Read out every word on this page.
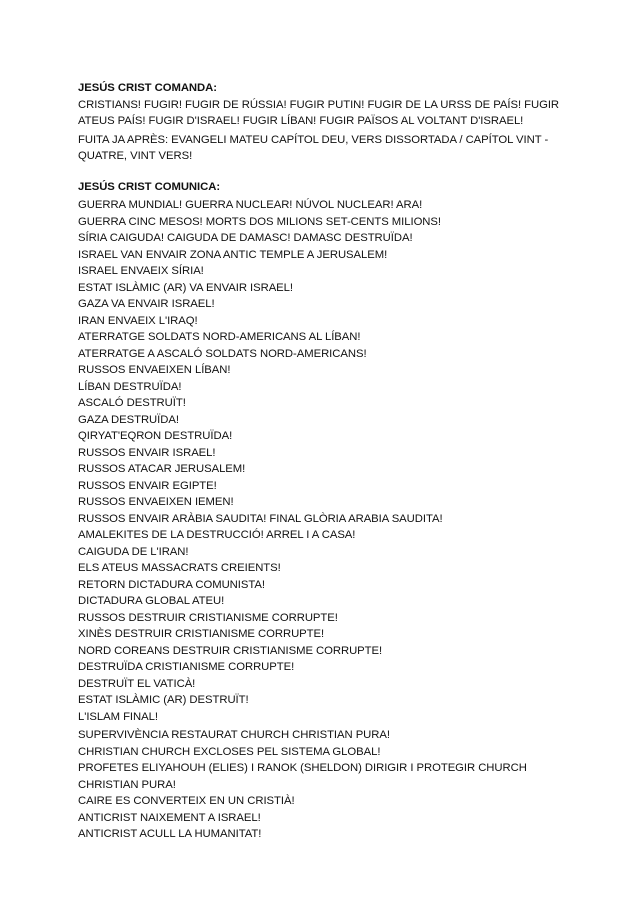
JESÚS CRIST COMANDA:
CRISTIANS! FUGIR! FUGIR DE RÚSSIA! FUGIR PUTIN! FUGIR DE LA URSS DE PAÍS! FUGIR
ATEUS PAÍS! FUGIR D'ISRAEL! FUGIR LÍBAN! FUGIR PAÏSOS AL VOLTANT D'ISRAEL!
FUITA JA APRÈS: EVANGELI MATEU CAPÍTOL DEU, VERS DISSORTADA / CAPÍTOL VINT -
QUATRE, VINT VERS!
JESÚS CRIST COMUNICA:
GUERRA MUNDIAL! GUERRA NUCLEAR! NÚVOL NUCLEAR! ARA!
GUERRA CINC MESOS! MORTS DOS MILIONS SET-CENTS MILIONS!
SÍRIA CAIGUDA! CAIGUDA DE DAMASC! DAMASC DESTRUÏDA!
ISRAEL VAN ENVAIR ZONA ANTIC TEMPLE A JERUSALEM!
ISRAEL ENVAEIX SÍRIA!
ESTAT ISLÀMIC (AR) VA ENVAIR ISRAEL!
GAZA VA ENVAIR ISRAEL!
IRAN ENVAEIX L'IRAQ!
ATERRATGE SOLDATS NORD-AMERICANS AL LÍBAN!
ATERRATGE A ASCALÓ SOLDATS NORD-AMERICANS!
RUSSOS ENVAEIXEN LÍBAN!
LÍBAN DESTRUÏDA!
ASCALÓ DESTRUÏT!
GAZA DESTRUÏDA!
QIRYAT'EQRON DESTRUÏDA!
RUSSOS ENVAIR ISRAEL!
RUSSOS ATACAR JERUSALEM!
RUSSOS ENVAIR EGIPTE!
RUSSOS ENVAEIXEN IEMEN!
RUSSOS ENVAIR ARÀBIA SAUDITA! FINAL GLÒRIA ARABIA SAUDITA!
AMALEKITES DE LA DESTRUCCIÓ! ARREL I A CASA!
CAIGUDA DE L'IRAN!
ELS ATEUS MASSACRATS CREIENTS!
RETORN DICTADURA COMUNISTA!
DICTADURA GLOBAL ATEU!
RUSSOS DESTRUIR CRISTIANISME CORRUPTE!
XINÈS DESTRUIR CRISTIANISME CORRUPTE!
NORD COREANS DESTRUIR CRISTIANISME CORRUPTE!
DESTRUÏDA CRISTIANISME CORRUPTE!
DESTRUÏT EL VATICÀ!
ESTAT ISLÀMIC (AR) DESTRUÏT!
L'ISLAM FINAL!
SUPERVIVÈNCIA RESTAURAT CHURCH CHRISTIAN PURA!
CHRISTIAN CHURCH EXCLOSES PEL SISTEMA GLOBAL!
PROFETES ELIYAHOUH (ELIES) I RANOK (SHELDON) DIRIGIR I PROTEGIR CHURCH
CHRISTIAN PURA!
CAIRE ES CONVERTEIX EN UN CRISTIÀ!
ANTICRIST NAIXEMENT A ISRAEL!
ANTICRIST ACULL LA HUMANITAT!
